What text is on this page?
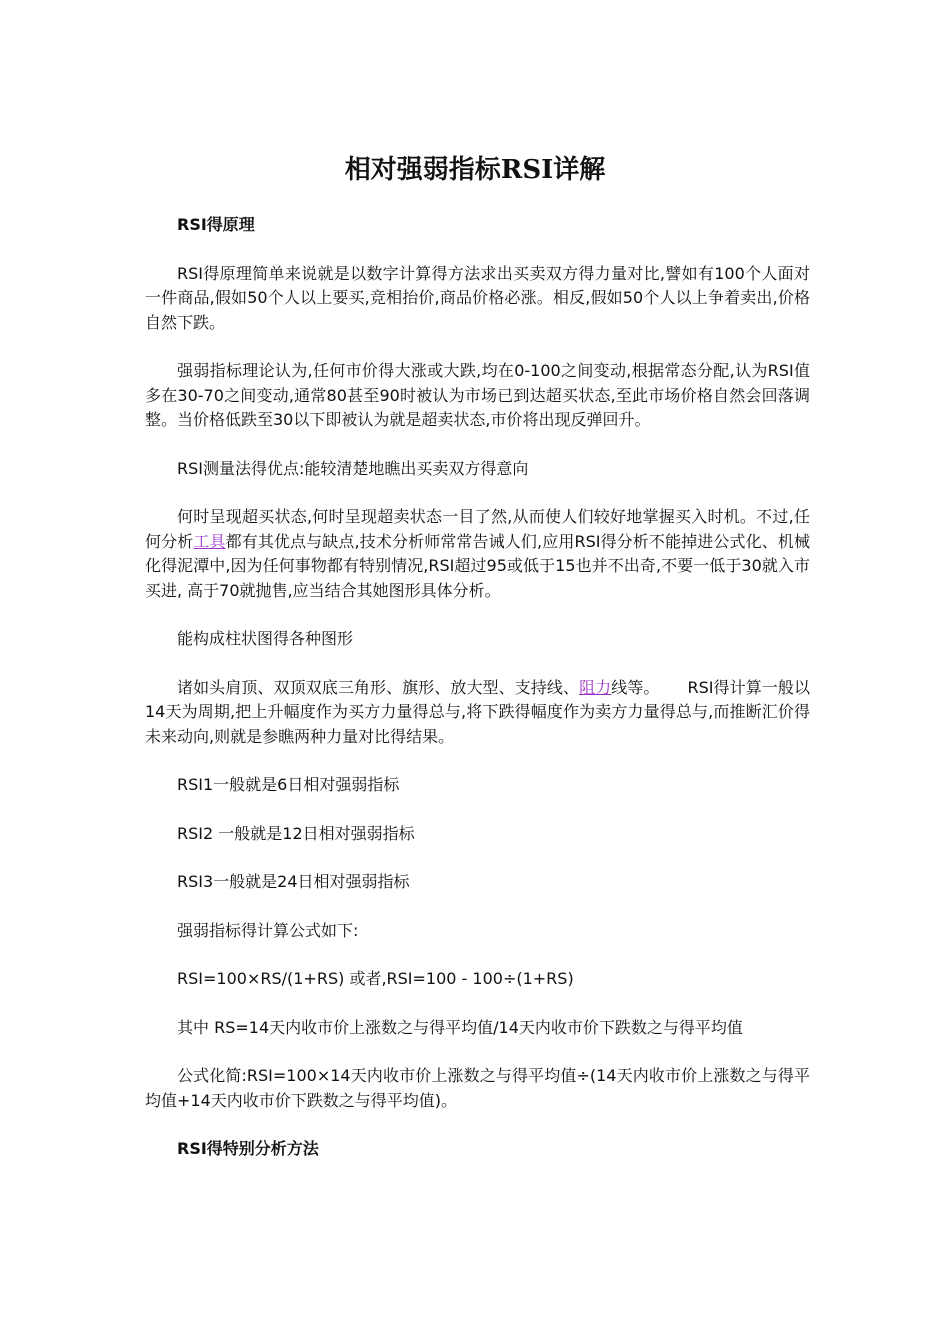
相对强弱指标RSI详解

RSI得原理

RSI得原理简单来说就是以数字计算得方法求出买卖双方得力量对比,譬如有100个人面对一件商品,假如50个人以上要买,竞相抬价,商品价格必涨。相反,假如50个人以上争着卖出,价格自然下跌。

强弱指标理论认为,任何市价得大涨或大跌,均在0-100之间变动,根据常态分配,认为RSI值多在30-70之间变动,通常80甚至90时被认为市场已到达超买状态,至此市场价格自然会回落调整。当价格低跌至30以下即被认为就是超卖状态,市价将出现反弹回升。

RSI测量法得优点:能较清楚地瞧出买卖双方得意向

何时呈现超买状态,何时呈现超卖状态一目了然,从而使人们较好地掌握买入时机。不过,任何分析工具都有其优点与缺点,技术分析师常常告诫人们,应用RSI得分析不能掉进公式化、机械化得泥潭中,因为任何事物都有特别情况,RSI超过95或低于15也并不出奇,不要一低于30就入市买进, 高于70就抛售,应当结合其她图形具体分析。

能构成柱状图得各种图形

诸如头肩顶、双顶双底三角形、旗形、放大型、支持线、阻力线等。 RSI得计算一般以14天为周期,把上升幅度作为买方力量得总与,将下跌得幅度作为卖方力量得总与,而推断汇价得未来动向,则就是参瞧两种力量对比得结果。

RSI1一般就是6日相对强弱指标

RSI2 一般就是12日相对强弱指标

RSI3一般就是24日相对强弱指标

强弱指标得计算公式如下:

RSI=100×RS/(1+RS) 或者,RSI=100 - 100÷(1+RS)

其中 RS=14天内收市价上涨数之与得平均值/14天内收市价下跌数之与得平均值

公式化简:RSI=100×14天内收市价上涨数之与得平均值÷(14天内收市价上涨数之与得平均值+14天内收市价下跌数之与得平均值)。

RSI得特别分析方法
